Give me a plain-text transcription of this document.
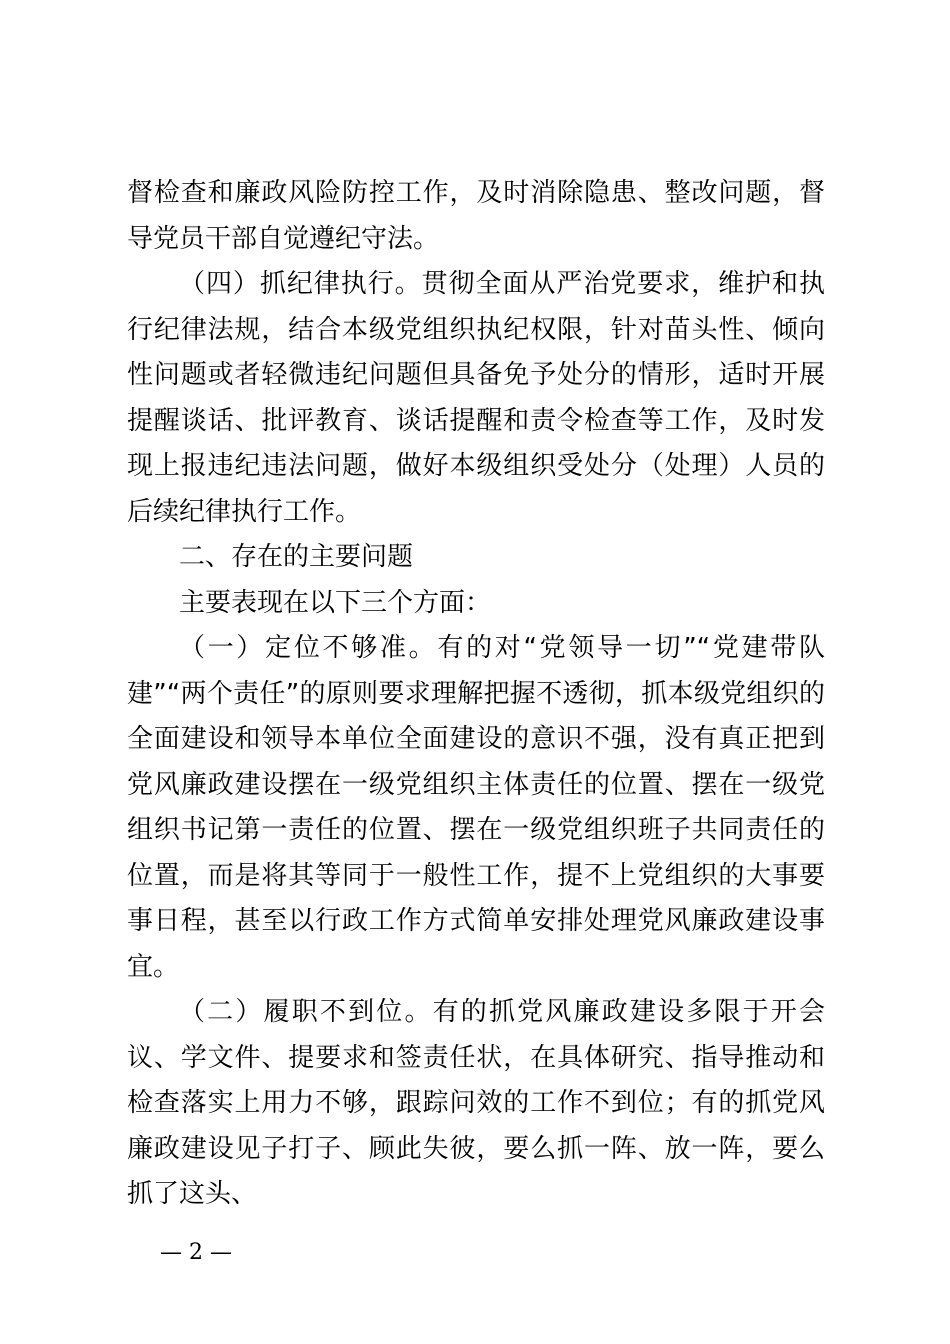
督检查和廉政风险防控工作，及时消除隐患、整改问题，督导党员干部自觉遵纪守法。

（四）抓纪律执行。贯彻全面从严治党要求，维护和执行纪律法规，结合本级党组织执纪权限，针对苗头性、倾向性问题或者轻微违纪问题但具备免予处分的情形，适时开展提醒谈话、批评教育、谈话提醒和责令检查等工作，及时发现上报违纪违法问题，做好本级组织受处分（处理）人员的后续纪律执行工作。

二、存在的主要问题

主要表现在以下三个方面：

（一）定位不够准。有的对“党领导一切”“党建带队建”“两个责任”的原则要求理解把握不透彻，抓本级党组织的全面建设和领导本单位全面建设的意识不强，没有真正把到党风廉政建设摆在一级党组织主体责任的位置、摆在一级党组织书记第一责任的位置、摆在一级党组织班子共同责任的位置，而是将其等同于一般性工作，提不上党组织的大事要事日程，甚至以行政工作方式简单安排处理党风廉政建设事宜。

（二）履职不到位。有的抓党风廉政建设多限于开会议、学文件、提要求和签责任状，在具体研究、指导推动和检查落实上用力不够，跟踪问效的工作不到位；有的抓党风廉政建设见子打子、顾此失彼，要么抓一阵、放一阵，要么抓了这头、

— 2 —
